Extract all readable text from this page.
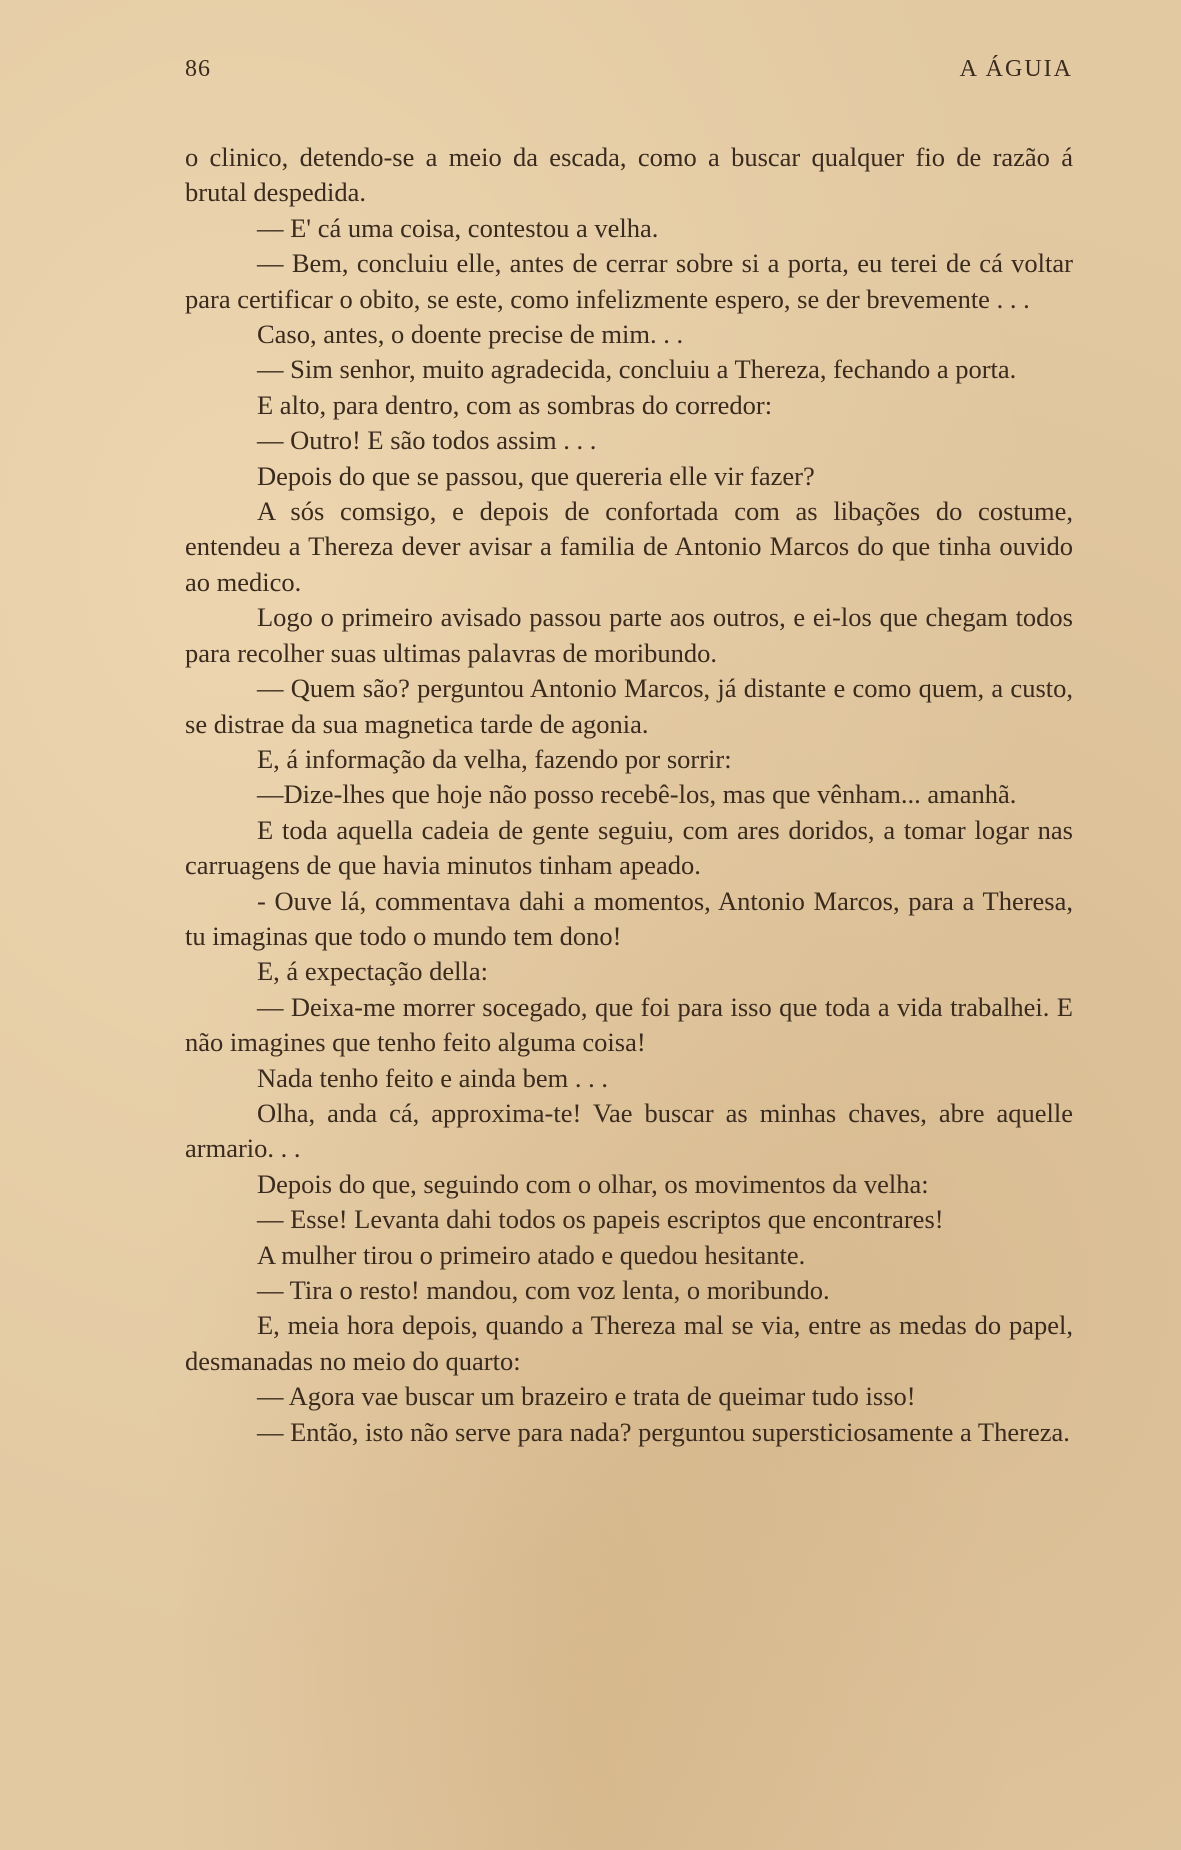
86	A ÁGUIA

o clinico, detendo-se a meio da escada, como a buscar qualquer fio de razão á brutal despedida.

— E' cá uma coisa, contestou a velha.

— Bem, concluiu elle, antes de cerrar sobre si a porta, eu terei de cá voltar para certificar o obito, se este, como infelizmente espero, se der brevemente . . .

Caso, antes, o doente precise de mim. . .

— Sim senhor, muito agradecida, concluiu a Thereza, fechando a porta.

E alto, para dentro, com as sombras do corredor:

— Outro! E são todos assim . . .

Depois do que se passou, que quereria elle vir fazer?

A sós comsigo, e depois de confortada com as libações do costume, entendeu a Thereza dever avisar a familia de Antonio Marcos do que tinha ouvido ao medico.

Logo o primeiro avisado passou parte aos outros, e ei-los que chegam todos para recolher suas ultimas palavras de moribundo.

— Quem são? perguntou Antonio Marcos, já distante e como quem, a custo, se distrae da sua magnetica tarde de agonia.

E, á informação da velha, fazendo por sorrir:

—Dize-lhes que hoje não posso recebê-los, mas que vênham... amanhã.

E toda aquella cadeia de gente seguiu, com ares doridos, a tomar logar nas carruagens de que havia minutos tinham apeado.

- Ouve lá, commentava dahi a momentos, Antonio Marcos, para a Theresa, tu imaginas que todo o mundo tem dono!

E, á expectação della:

— Deixa-me morrer socegado, que foi para isso que toda a vida trabalhei. E não imagines que tenho feito alguma coisa!

Nada tenho feito e ainda bem . . .

Olha, anda cá, approxima-te! Vae buscar as minhas chaves, abre aquelle armario. . .

Depois do que, seguindo com o olhar, os movimentos da velha:

— Esse! Levanta dahi todos os papeis escriptos que encontrares!

A mulher tirou o primeiro atado e quedou hesitante.

— Tira o resto! mandou, com voz lenta, o moribundo.

E, meia hora depois, quando a Thereza mal se via, entre as medas do papel, desmanadas no meio do quarto:

— Agora vae buscar um brazeiro e trata de queimar tudo isso!

— Então, isto não serve para nada? perguntou supersticiosamente a Thereza.
